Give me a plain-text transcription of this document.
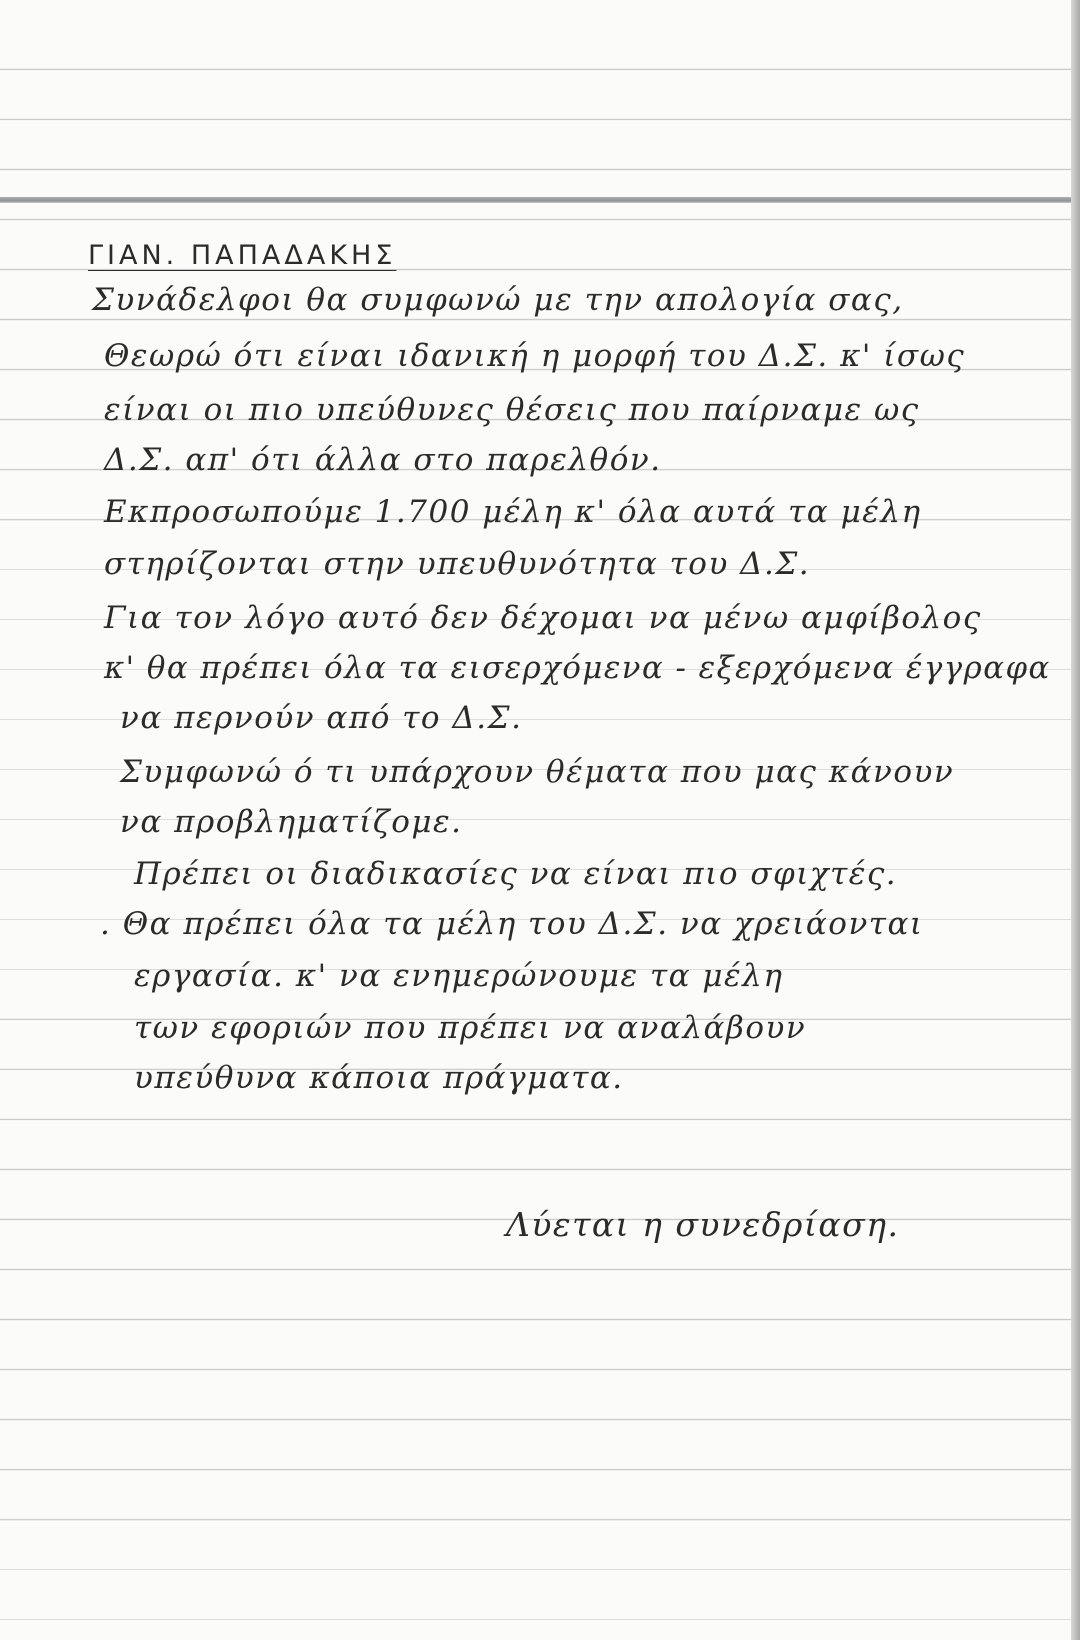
ΓΙΑΝ. ΠΑΠΑΔΑΚΗΣ
Συνάδελφοι θα συμφωνώ με την απολογία σας,
Θεωρώ ότι είναι ιδανική η μορφή του Δ.Σ. κ' ίσως
είναι οι πιο υπεύθυνες θέσεις που παίρναμε ως
Δ.Σ. απ' ότι άλλα στο παρελθόν.
Εκπροσωπούμε 1.700 μέλη κ' όλα αυτά τα μέλη
στηρίζονται στην υπευθυνότητα του Δ.Σ.
Για τον λόγο αυτό δεν δέχομαι να μένω αμφίβολος
κ' θα πρέπει όλα τα εισερχόμενα - εξερχόμενα έγγραφα
να περνούν από το Δ.Σ.
Συμφωνώ ό τι υπάρχουν θέματα που μας κάνουν
να προβληματίζομε.
Πρέπει οι διαδικασίες να είναι πιο σφιχτές.
. Θα πρέπει όλα τα μέλη του Δ.Σ. να χρειάονται
εργασία. κ' να ενημερώνουμε τα μέλη
των εφοριών που πρέπει να αναλάβουν
υπεύθυνα κάποια πράγματα.
Λύεται η συνεδρίαση.
